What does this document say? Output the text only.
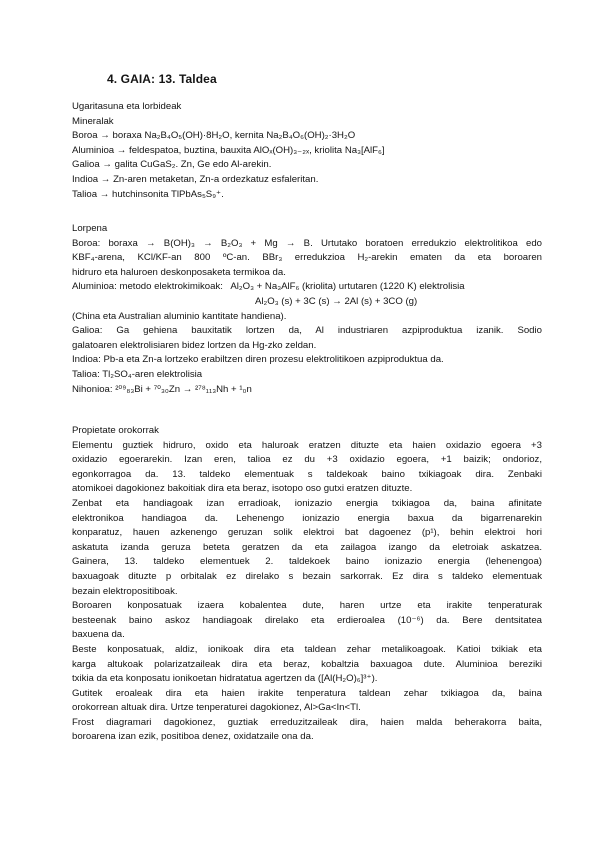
4. GAIA: 13. Taldea
Ugaritasuna eta lorbideak
Mineralak
Boroa → boraxa Na₂B₄O₅(OH)·8H₂O, kernita Na₂B₄O₆(OH)₂·3H₂O
Aluminioa → feldespatoa, buztina, bauxita AlOₓ(OH)₃₋₂ₓ, kriolita Na₃[AlF₆]
Galioa → galita CuGaS₂. Zn, Ge edo Al-arekin.
Indioa → Zn-aren metaketan, Zn-a ordezkatuz esfaleritan.
Talioa → hutchinsonita TlPbAs₅S₉⁺.
Lorpena
Boroa: boraxa → B(OH)₃ → B₂O₃ + Mg → B. Urtutako boratoen erredukzio elektrolitikoa edo
KBF₄-arena, KCl/KF-an 800 ºC-an. BBr₃ erredukzioa H₂-arekin ematen da eta boroaren
hidruro eta haluroen deskonposaketa termikoa da.
Aluminioa: metodo elektrokimikoak:   Al₂O₃ + Na₃AlF₆ (kriolita) urtutaren (1220 K) elektrolisia
Al₂O₃ (s) + 3C (s) → 2Al (s) + 3CO (g)
(China eta Australian aluminio kantitate handiena).
Galioa: Ga gehiena bauxitatik lortzen da, Al industriaren azpiproduktua izanik. Sodio
galatoaren elektrolisiaren bidez lortzen da Hg-zko zeldan.
Indioa: Pb-a eta Zn-a lortzeko erabiltzen diren prozesu elektrolitikoen azpiproduktua da.
Talioa: Tl₂SO₄-aren elektrolisia
Nihonioa: ²⁰⁹₈₃Bi + ⁷⁰₃₀Zn → ²⁷⁸₁₁₃Nh + ¹₀n
Propietate orokorrak
Elementu guztiek hidruro, oxido eta haluroak eratzen dituzte eta haien oxidazio egoera +3
oxidazio egoerarekin. Izan eren, talioa ez du +3 oxidazio egoera, +1 baizik; ondorioz,
egonkorragoa da. 13. taldeko elementuak s taldekoak baino txikiagoak dira. Zenbaki
atomikoei dagokionez bakoitiak dira eta beraz, isotopo oso gutxi eratzen dituzte.
Zenbat eta handiagoak izan erradioak, ionizazio energia txikiagoa da, baina afinitate
elektronikoa handiagoa da. Lehenengo ionizazio energia baxua da bigarrenarekin
konparatuz, hauen azkenengo geruzan solik elektroi bat dagoenez (p¹), behin elektroi hori
askatuta izanda geruza beteta geratzen da eta zailagoa izango da eletroiak askatzea.
Gainera, 13. taldeko elementuek 2. taldekoek baino ionizazio energia (lehenengoa)
baxuagoak dituzte p orbitalak ez direlako s bezain sarkorrak. Ez dira s taldeko elementuak
bezain elektropositiboak.
Boroaren konposatuak izaera kobalentea dute, haren urtze eta irakite tenperaturak
besteenak baino askoz handiagoak direlako eta erdieroalea (10⁻⁶) da. Bere dentsitatea
baxuena da.
Beste konposatuak, aldiz, ionikoak dira eta taldean zehar metalikoagoak. Katioi txikiak eta
karga altukoak polarizatzaileak dira eta beraz, kobaltzia baxuagoa dute. Aluminioa bereziki
txikia da eta konposatu ionikoetan hidratatua agertzen da ([Al(H₂O)₆]³⁺).
Gutitek eroaleak dira eta haien irakite tenperatura taldean zehar txikiagoa da, baina
orokorrean altuak dira. Urtze tenperaturei dagokionez, Al>Ga<In<Tl.
Frost diagramari dagokionez, guztiak erreduzitzaileak dira, haien malda beherakorra baita,
boroarena izan ezik, positiboa denez, oxidatzaile ona da.
